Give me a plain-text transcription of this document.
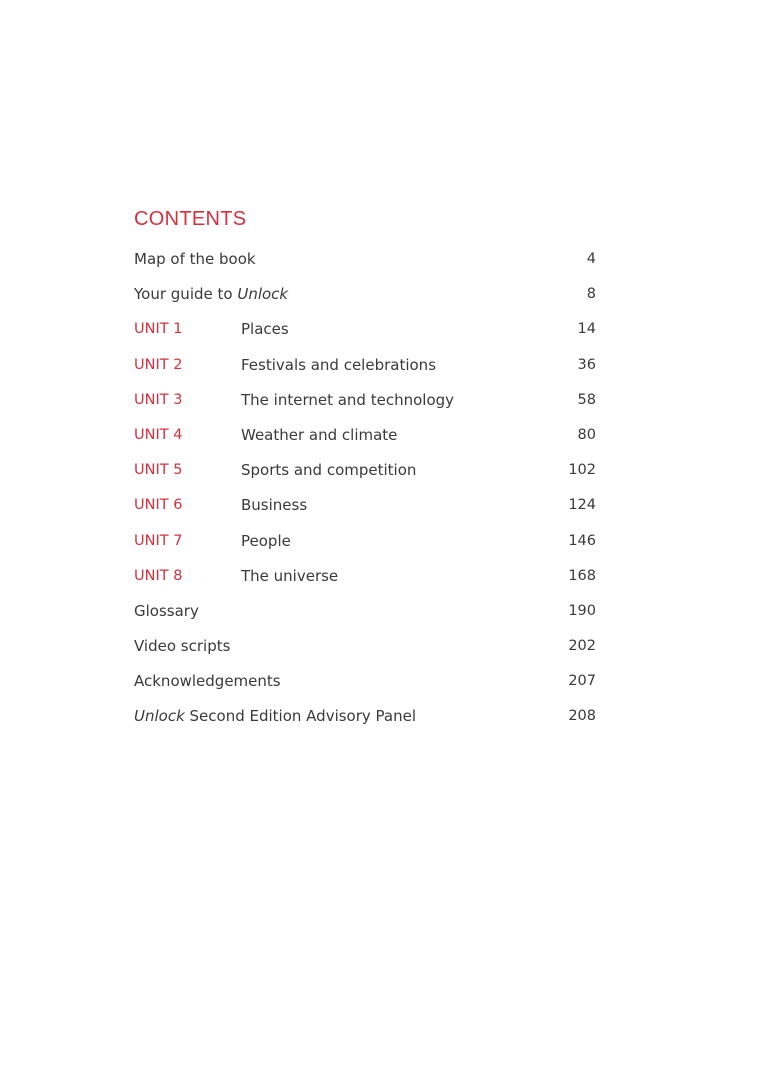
CONTENTS
Map of the book	4
Your guide to Unlock	8
UNIT 1	Places	14
UNIT 2	Festivals and celebrations	36
UNIT 3	The internet and technology	58
UNIT 4	Weather and climate	80
UNIT 5	Sports and competition	102
UNIT 6	Business	124
UNIT 7	People	146
UNIT 8	The universe	168
Glossary	190
Video scripts	202
Acknowledgements	207
Unlock Second Edition Advisory Panel	208
